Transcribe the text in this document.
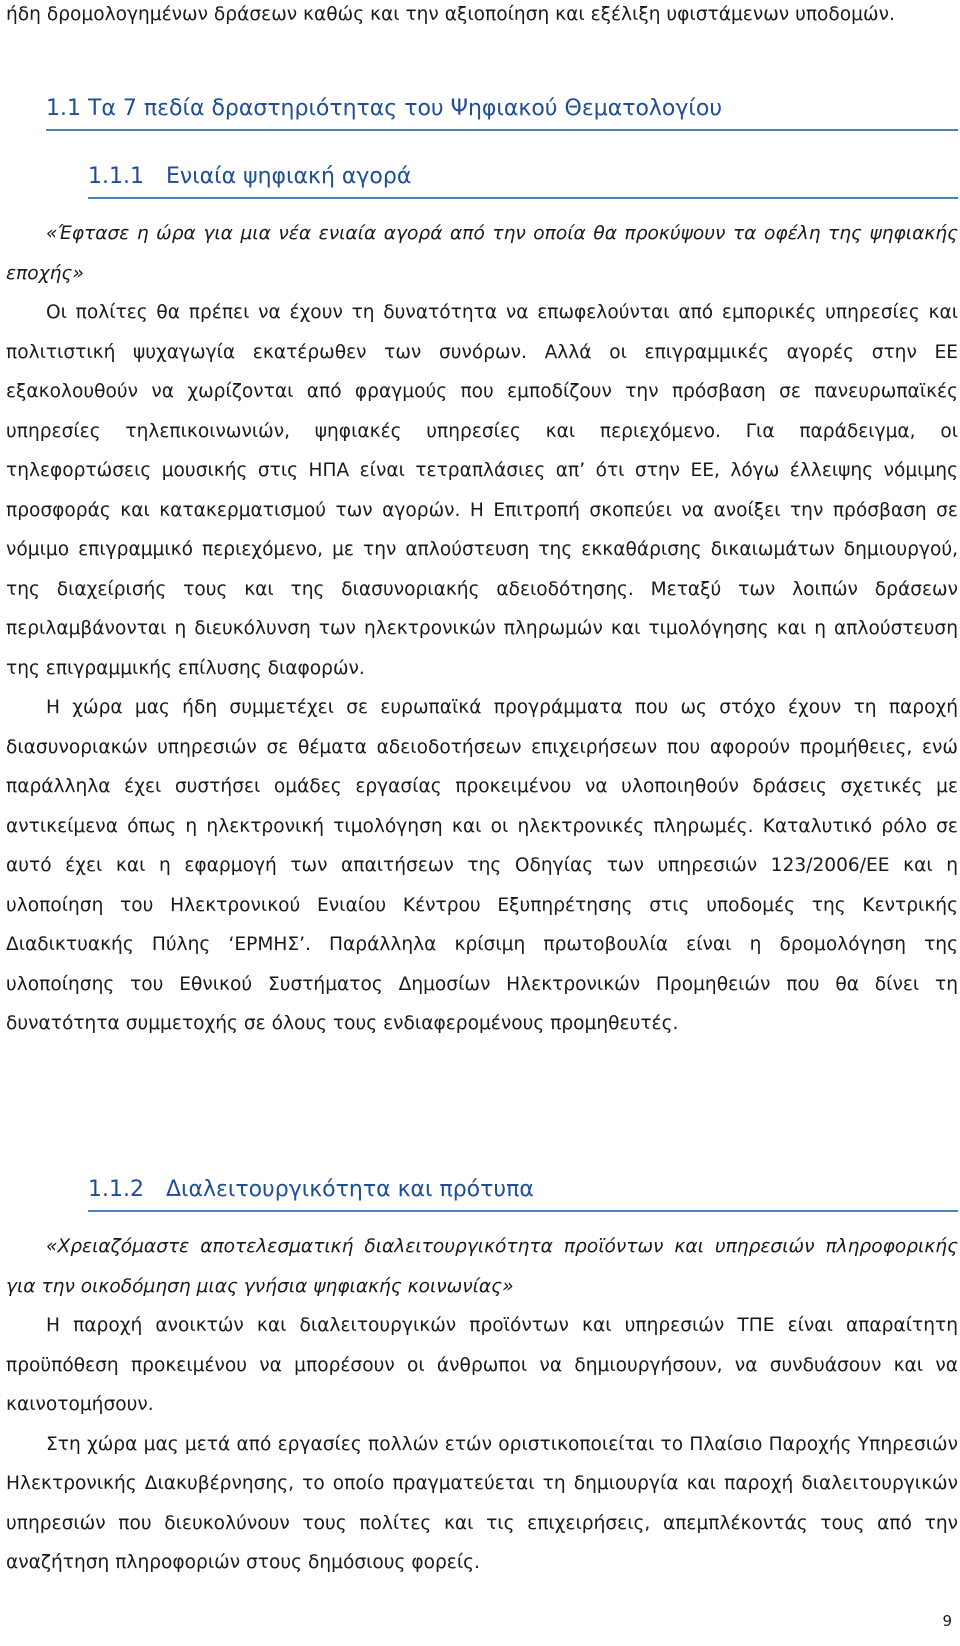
ήδη δρομολογημένων δράσεων καθώς και την αξιοποίηση και εξέλιξη υφιστάμενων υποδομών.

1.1 Τα 7 πεδία δραστηριότητας του Ψηφιακού Θεματολογίου
1.1.1 Ενιαία ψηφιακή αγορά

«Έφτασε η ώρα για μια νέα ενιαία αγορά από την οποία θα προκύψουν τα οφέλη της ψηφιακής εποχής»

Οι πολίτες θα πρέπει να έχουν τη δυνατότητα να επωφελούνται από εμπορικές υπηρεσίες και πολιτιστική ψυχαγωγία εκατέρωθεν των συνόρων. Αλλά οι επιγραμμικές αγορές στην ΕΕ εξακολουθούν να χωρίζονται από φραγμούς που εμποδίζουν την πρόσβαση σε πανευρωπαϊκές υπηρεσίες τηλεπικοινωνιών, ψηφιακές υπηρεσίες και περιεχόμενο. Για παράδειγμα, οι τηλεφορτώσεις μουσικής στις ΗΠΑ είναι τετραπλάσιες απ’ ότι στην ΕΕ, λόγω έλλειψης νόμιμης προσφοράς και κατακερματισμού των αγορών. Η Επιτροπή σκοπεύει να ανοίξει την πρόσβαση σε νόμιμο επιγραμμικό περιεχόμενο, με την απλούστευση της εκκαθάρισης δικαιωμάτων δημιουργού, της διαχείρισής τους και της διασυνοριακής αδειοδότησης. Μεταξύ των λοιπών δράσεων περιλαμβάνονται η διευκόλυνση των ηλεκτρονικών πληρωμών και τιμολόγησης και η απλούστευση της επιγραμμικής επίλυσης διαφορών.

Η χώρα μας ήδη συμμετέχει σε ευρωπαϊκά προγράμματα που ως στόχο έχουν τη παροχή διασυνοριακών υπηρεσιών σε θέματα αδειοδοτήσεων επιχειρήσεων που αφορούν προμήθειες, ενώ παράλληλα έχει συστήσει ομάδες εργασίας προκειμένου να υλοποιηθούν δράσεις σχετικές με αντικείμενα όπως η ηλεκτρονική τιμολόγηση και οι ηλεκτρονικές πληρωμές. Καταλυτικό ρόλο σε αυτό έχει και η εφαρμογή των απαιτήσεων της Οδηγίας των υπηρεσιών 123/2006/ΕΕ και η υλοποίηση του Ηλεκτρονικού Ενιαίου Κέντρου Εξυπηρέτησης στις υποδομές της Κεντρικής Διαδικτυακής Πύλης ‘ΕΡΜΗΣ’. Παράλληλα κρίσιμη πρωτοβουλία είναι η δρομολόγηση της υλοποίησης του Εθνικού Συστήματος Δημοσίων Ηλεκτρονικών Προμηθειών που θα δίνει τη δυνατότητα συμμετοχής σε όλους τους ενδιαφερομένους προμηθευτές.

1.1.2 Διαλειτουργικότητα και πρότυπα

«Χρειαζόμαστε αποτελεσματική διαλειτουργικότητα προϊόντων και υπηρεσιών πληροφορικής για την οικοδόμηση μιας γνήσια ψηφιακής κοινωνίας»

Η παροχή ανοικτών και διαλειτουργικών προϊόντων και υπηρεσιών ΤΠΕ είναι απαραίτητη προϋπόθεση προκειμένου να μπορέσουν οι άνθρωποι να δημιουργήσουν, να συνδυάσουν και να καινοτομήσουν.

Στη χώρα μας μετά από εργασίες πολλών ετών οριστικοποιείται το Πλαίσιο Παροχής Υπηρεσιών Ηλεκτρονικής Διακυβέρνησης, το οποίο πραγματεύεται τη δημιουργία και παροχή διαλειτουργικών υπηρεσιών που διευκολύνουν τους πολίτες και τις επιχειρήσεις, απεμπλέκοντάς τους από την αναζήτηση πληροφοριών στους δημόσιους φορείς.

9
